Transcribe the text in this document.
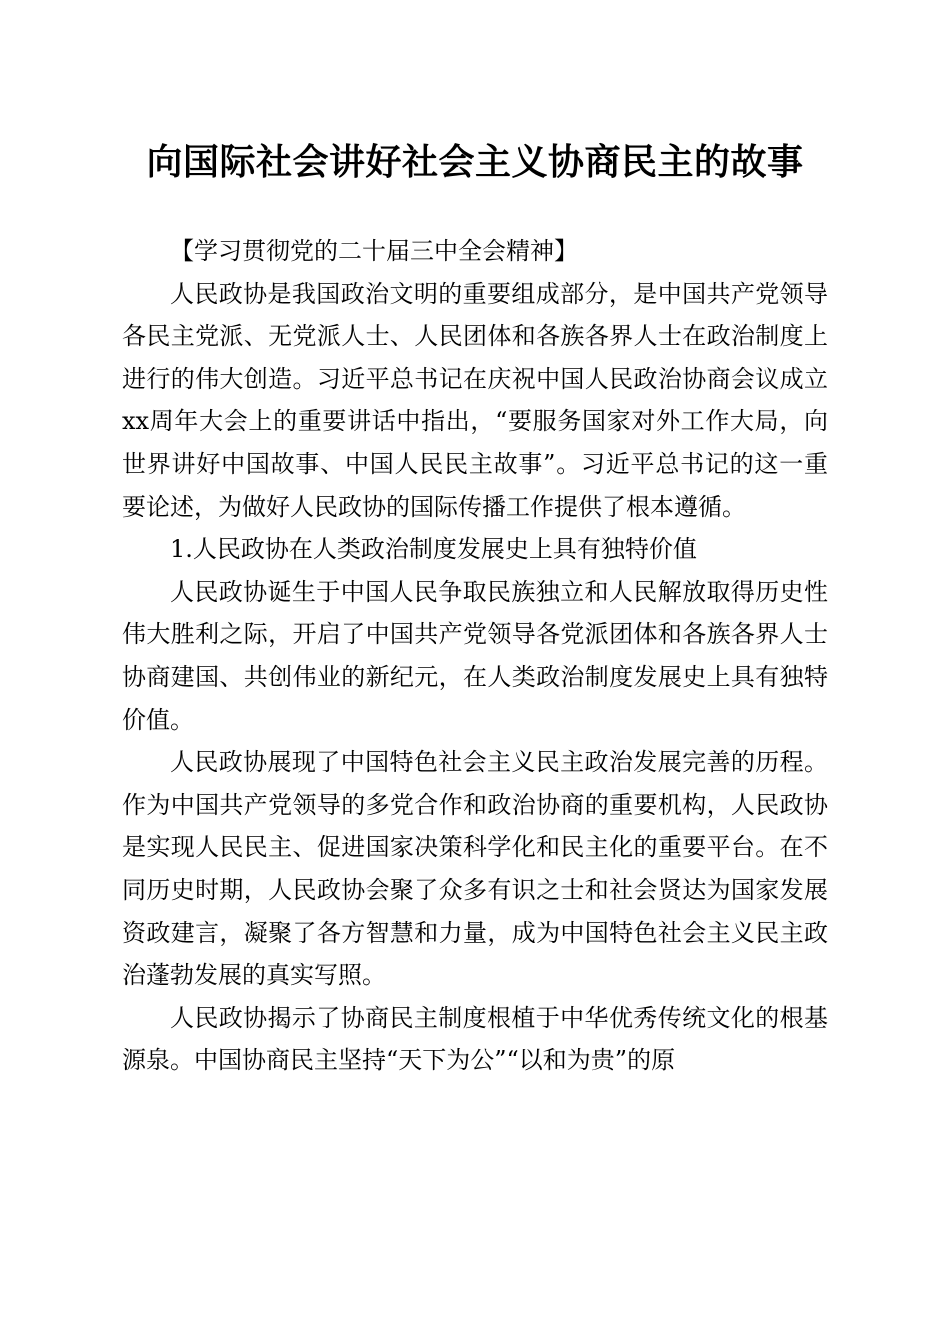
向国际社会讲好社会主义协商民主的故事

【学习贯彻党的二十届三中全会精神】

人民政协是我国政治文明的重要组成部分，是中国共产党领导各民主党派、无党派人士、人民团体和各族各界人士在政治制度上进行的伟大创造。习近平总书记在庆祝中国人民政治协商会议成立xx周年大会上的重要讲话中指出，“要服务国家对外工作大局，向世界讲好中国故事、中国人民民主故事”。习近平总书记的这一重要论述，为做好人民政协的国际传播工作提供了根本遵循。

1.人民政协在人类政治制度发展史上具有独特价值

人民政协诞生于中国人民争取民族独立和人民解放取得历史性伟大胜利之际，开启了中国共产党领导各党派团体和各族各界人士协商建国、共创伟业的新纪元，在人类政治制度发展史上具有独特价值。

人民政协展现了中国特色社会主义民主政治发展完善的历程。作为中国共产党领导的多党合作和政治协商的重要机构，人民政协是实现人民民主、促进国家决策科学化和民主化的重要平台。在不同历史时期，人民政协会聚了众多有识之士和社会贤达为国家发展资政建言，凝聚了各方智慧和力量，成为中国特色社会主义民主政治蓬勃发展的真实写照。

人民政协揭示了协商民主制度根植于中华优秀传统文化的根基源泉。中国协商民主坚持“天下为公”“以和为贵”的原
